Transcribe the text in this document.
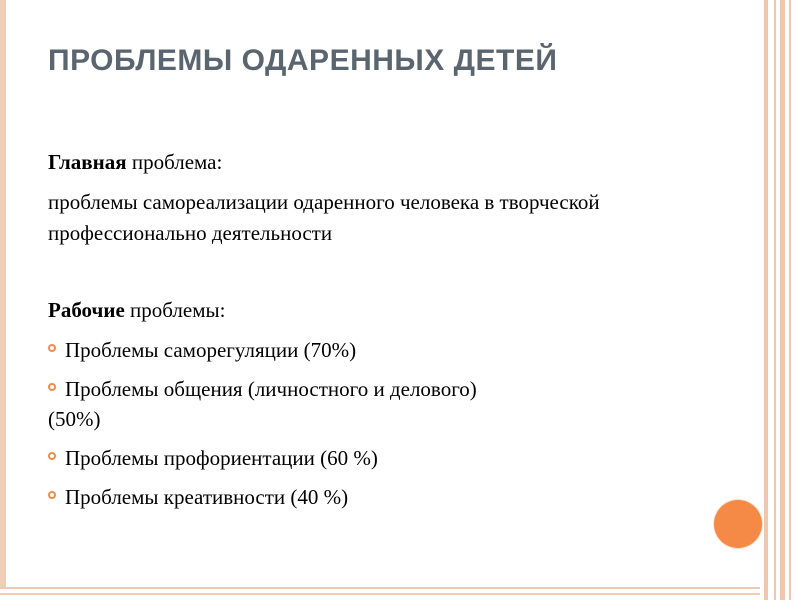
ПРОБЛЕМЫ ОДАРЕННЫХ ДЕТЕЙ

Главная проблема:

проблемы самореализации одаренного человека в творческой профессионально деятельности

Рабочие проблемы:

Проблемы саморегуляции (70%)
Проблемы общения (личностного и делового)
(50%)
Проблемы профориентации (60 %)
Проблемы креативности (40 %)
